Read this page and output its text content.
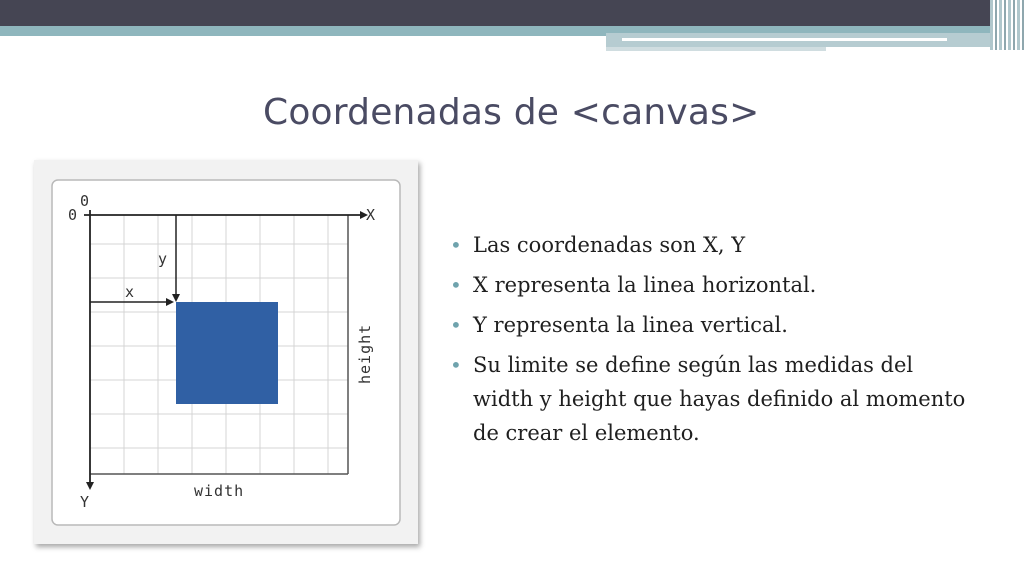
Coordenadas de <canvas>
0
0	X
Y
x
y
width
height
• Las coordenadas son X, Y
• X representa la linea horizontal.
• Y representa la linea vertical.
• Su limite se define según las medidas del width y height que hayas definido al momento de crear el elemento.
